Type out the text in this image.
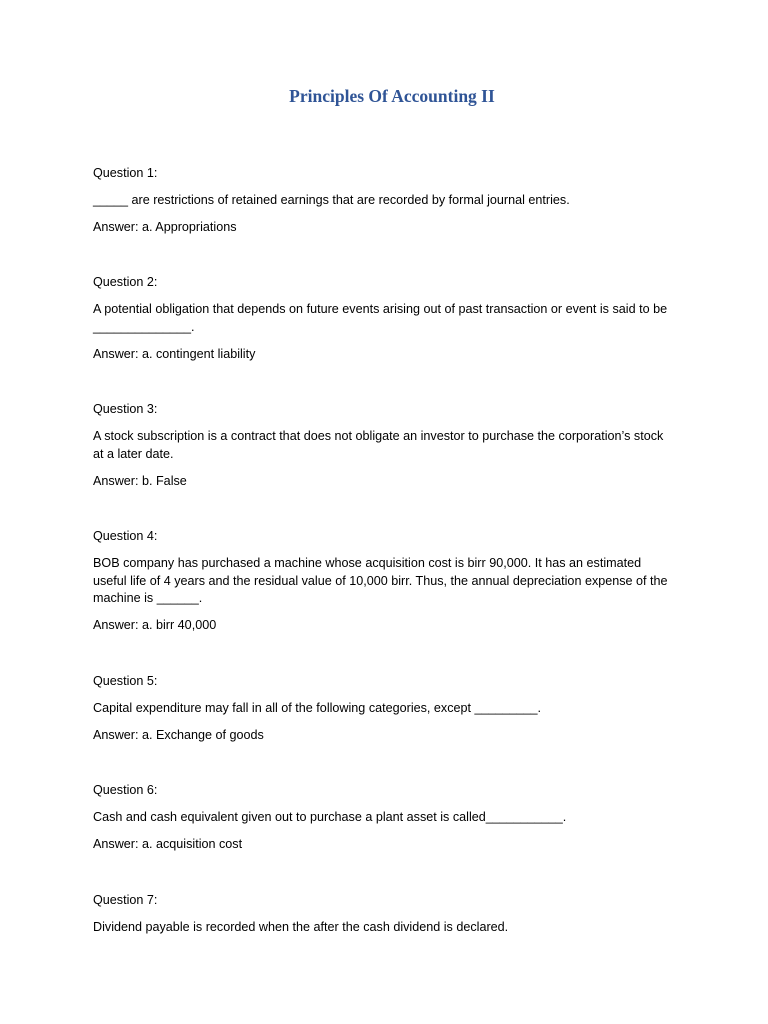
Principles Of Accounting II

Question 1:

_____ are restrictions of retained earnings that are recorded by formal journal entries.

Answer: a. Appropriations

Question 2:

A potential obligation that depends on future events arising out of past transaction or event is said to be ______________.

Answer: a. contingent liability

Question 3:

A stock subscription is a contract that does not obligate an investor to purchase the corporation’s stock at a later date.

Answer: b. False

Question 4:

BOB company has purchased a machine whose acquisition cost is birr 90,000. It has an estimated useful life of 4 years and the residual value of 10,000 birr. Thus, the annual depreciation expense of the machine is ______.

Answer: a. birr 40,000

Question 5:

Capital expenditure may fall in all of the following categories, except _________.

Answer: a. Exchange of goods

Question 6:

Cash and cash equivalent given out to purchase a plant asset is called___________.

Answer: a. acquisition cost

Question 7:

Dividend payable is recorded when the after the cash dividend is declared.
